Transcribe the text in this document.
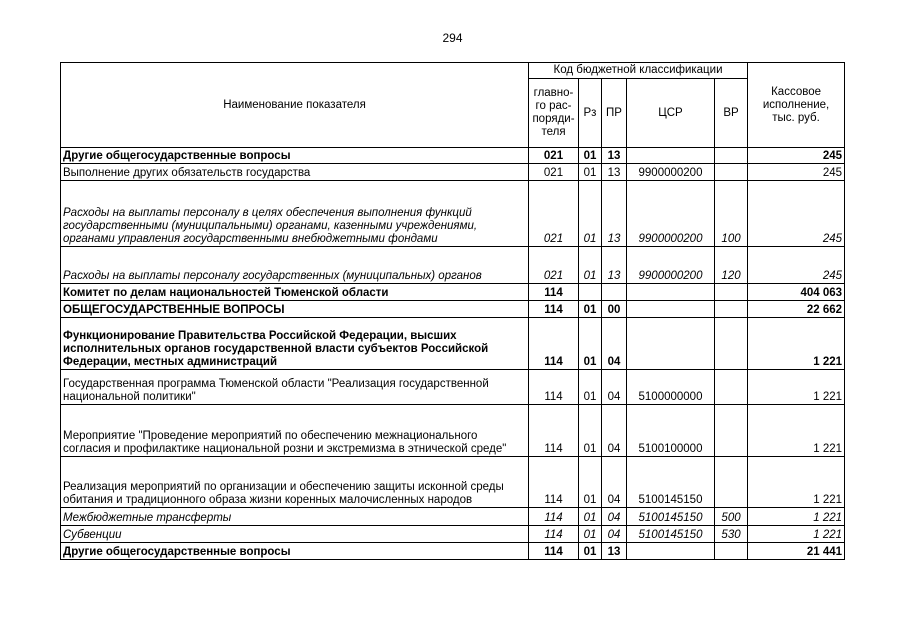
294
Наименование показателя	Код бюджетной классификации					Кассовое исполнение, тыс. руб.
	главно-го рас-поряди-теля	Рз	ПР	ЦСР	ВР	
Другие общегосударственные вопросы	021	01	13			245
Выполнение других обязательств государства	021	01	13	9900000200		245
Расходы на выплаты персоналу в целях обеспечения выполнения функций государственными (муниципальными) органами, казенными учреждениями, органами управления государственными внебюджетными фондами	021	01	13	9900000200	100	245
Расходы на выплаты персоналу государственных (муниципальных) органов	021	01	13	9900000200	120	245
Комитет по делам национальностей Тюменской области	114					404 063
ОБЩЕГОСУДАРСТВЕННЫЕ ВОПРОСЫ	114	01	00			22 662
Функционирование Правительства Российской Федерации, высших исполнительных органов государственной власти субъектов Российской Федерации, местных администраций	114	01	04			1 221
Государственная программа Тюменской области "Реализация государственной национальной политики"	114	01	04	5100000000		1 221
Мероприятие "Проведение мероприятий по обеспечению межнационального согласия и профилактике национальной розни и экстремизма в этнической среде"	114	01	04	5100100000		1 221
Реализация мероприятий по организации и обеспечению защиты исконной среды обитания и традиционного образа жизни коренных малочисленных народов	114	01	04	5100145150		1 221
Межбюджетные трансферты	114	01	04	5100145150	500	1 221
Субвенции	114	01	04	5100145150	530	1 221
Другие общегосударственные вопросы	114	01	13			21 441
